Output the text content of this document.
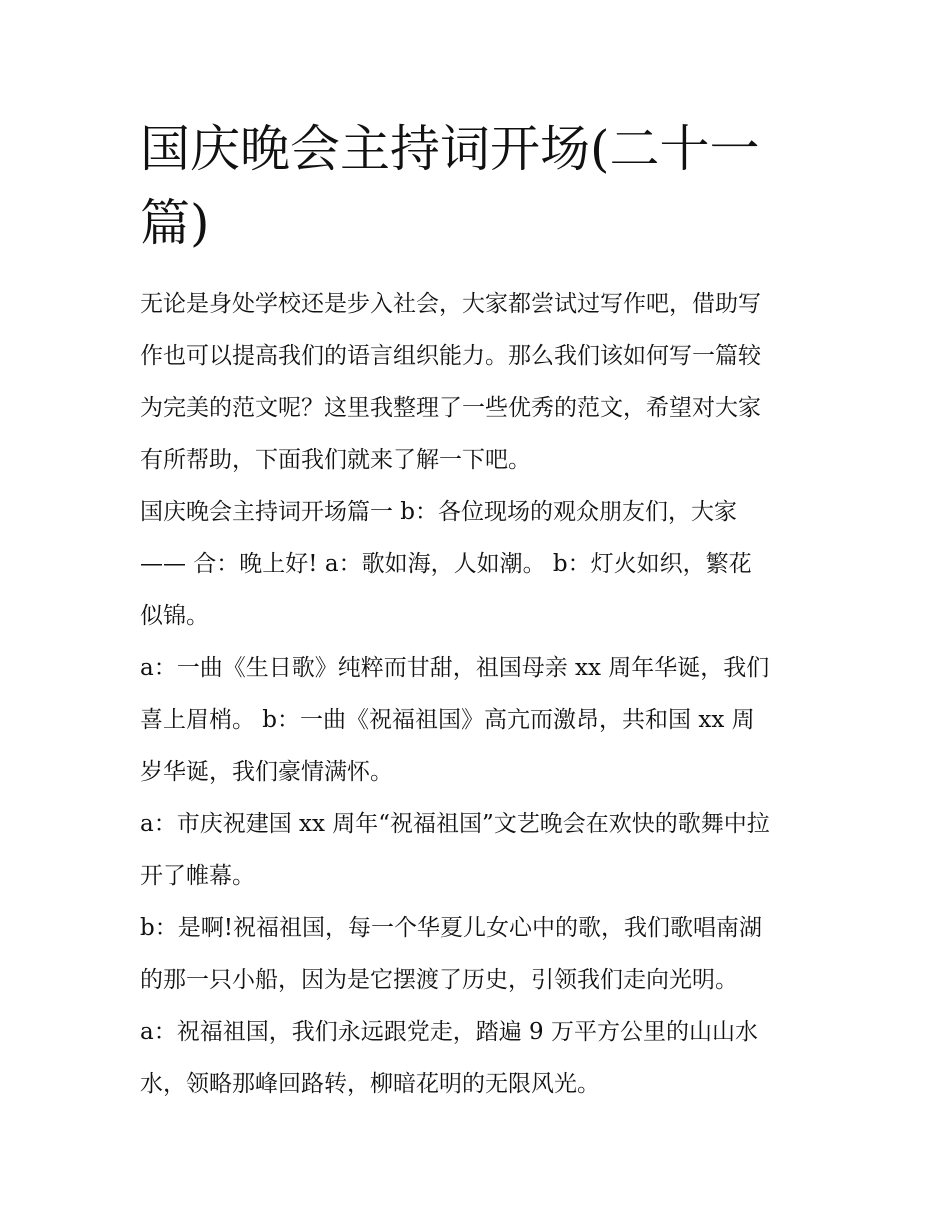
国庆晚会主持词开场(二十一
篇)

无论是身处学校还是步入社会，大家都尝试过写作吧，借助写
作也可以提高我们的语言组织能力。那么我们该如何写一篇较
为完美的范文呢？这里我整理了一些优秀的范文，希望对大家
有所帮助，下面我们就来了解一下吧。

国庆晚会主持词开场篇一 b：各位现场的观众朋友们，大家
—— 合：晚上好! a：歌如海，人如潮。 b：灯火如织，繁花
似锦。

a：一曲《生日歌》纯粹而甘甜，祖国母亲 xx 周年华诞，我们
喜上眉梢。 b：一曲《祝福祖国》高亢而激昂，共和国 xx 周
岁华诞，我们豪情满怀。

a：市庆祝建国 xx 周年“祝福祖国”文艺晚会在欢快的歌舞中拉
开了帷幕。

b：是啊!祝福祖国，每一个华夏儿女心中的歌，我们歌唱南湖
的那一只小船，因为是它摆渡了历史，引领我们走向光明。

a：祝福祖国，我们永远跟党走，踏遍 9 万平方公里的山山水
水，领略那峰回路转，柳暗花明的无限风光。
